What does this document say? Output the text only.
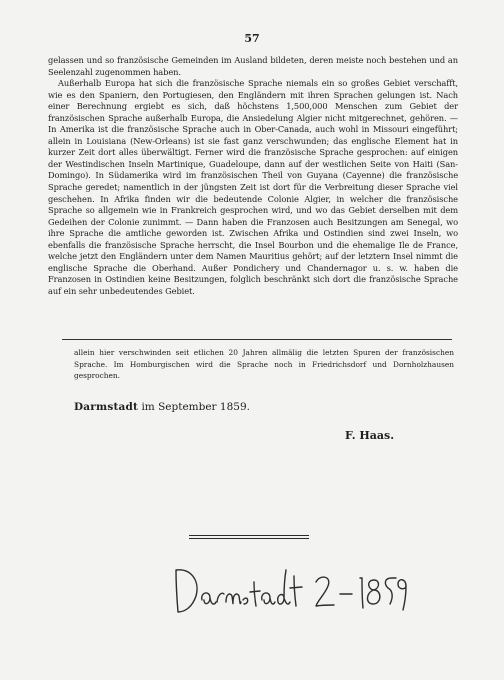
57

gelassen und so französische Gemeinden im Ausland bildeten, deren meiste noch bestehen und an Seelenzahl zugenommen haben.

Außerhalb Europa hat sich die französische Sprache niemals ein so großes Gebiet verschafft, wie es den Spaniern, den Portugiesen, den Engländern mit ihren Sprachen gelungen ist. Nach einer Berechnung ergiebt es sich, daß höchstens 1,500,000 Menschen zum Gebiet der französischen Sprache außerhalb Europa, die Ansiedelung Algier nicht mitgerechnet, gehören. — In Amerika ist die französische Sprache auch in Ober-Canada, auch wohl in Missouri eingeführt; allein in Louisiana (New-Orleans) ist sie fast ganz verschwunden; das englische Element hat in kurzer Zeit dort alles überwältigt. Ferner wird die französische Sprache gesprochen: auf einigen der Westindischen Inseln Martinique, Guadeloupe, dann auf der westlichen Seite von Haiti (San-Domingo). In Südamerika wird im französischen Theil von Guyana (Cayenne) die französische Sprache geredet; namentlich in der jüngsten Zeit ist dort für die Verbreitung dieser Sprache viel geschehen. In Afrika finden wir die bedeutende Colonie Algier, in welcher die französische Sprache so allgemein wie in Frankreich gesprochen wird, und wo das Gebiet derselben mit dem Gedeihen der Colonie zunimmt. — Dann haben die Franzosen auch Besitzungen am Senegal, wo ihre Sprache die amtliche geworden ist. Zwischen Afrika und Ostindien sind zwei Inseln, wo ebenfalls die französische Sprache herrscht, die Insel Bourbon und die ehemalige Ile de France, welche jetzt den Engländern unter dem Namen Mauritius gehört; auf der letztern Insel nimmt die englische Sprache die Oberhand. Außer Pondichery und Chandernagor u. s. w. haben die Franzosen in Ostindien keine Besitzungen, folglich beschränkt sich dort die französische Sprache auf ein sehr unbedeutendes Gebiet.

allein hier verschwinden seit etlichen 20 Jahren allmälig die letzten Spuren der französischen Sprache. Im Homburgischen wird die Sprache noch in Friedrichsdorf und Dornholzhausen gesprochen.

Darmstadt im September 1859.
F. Haas.
